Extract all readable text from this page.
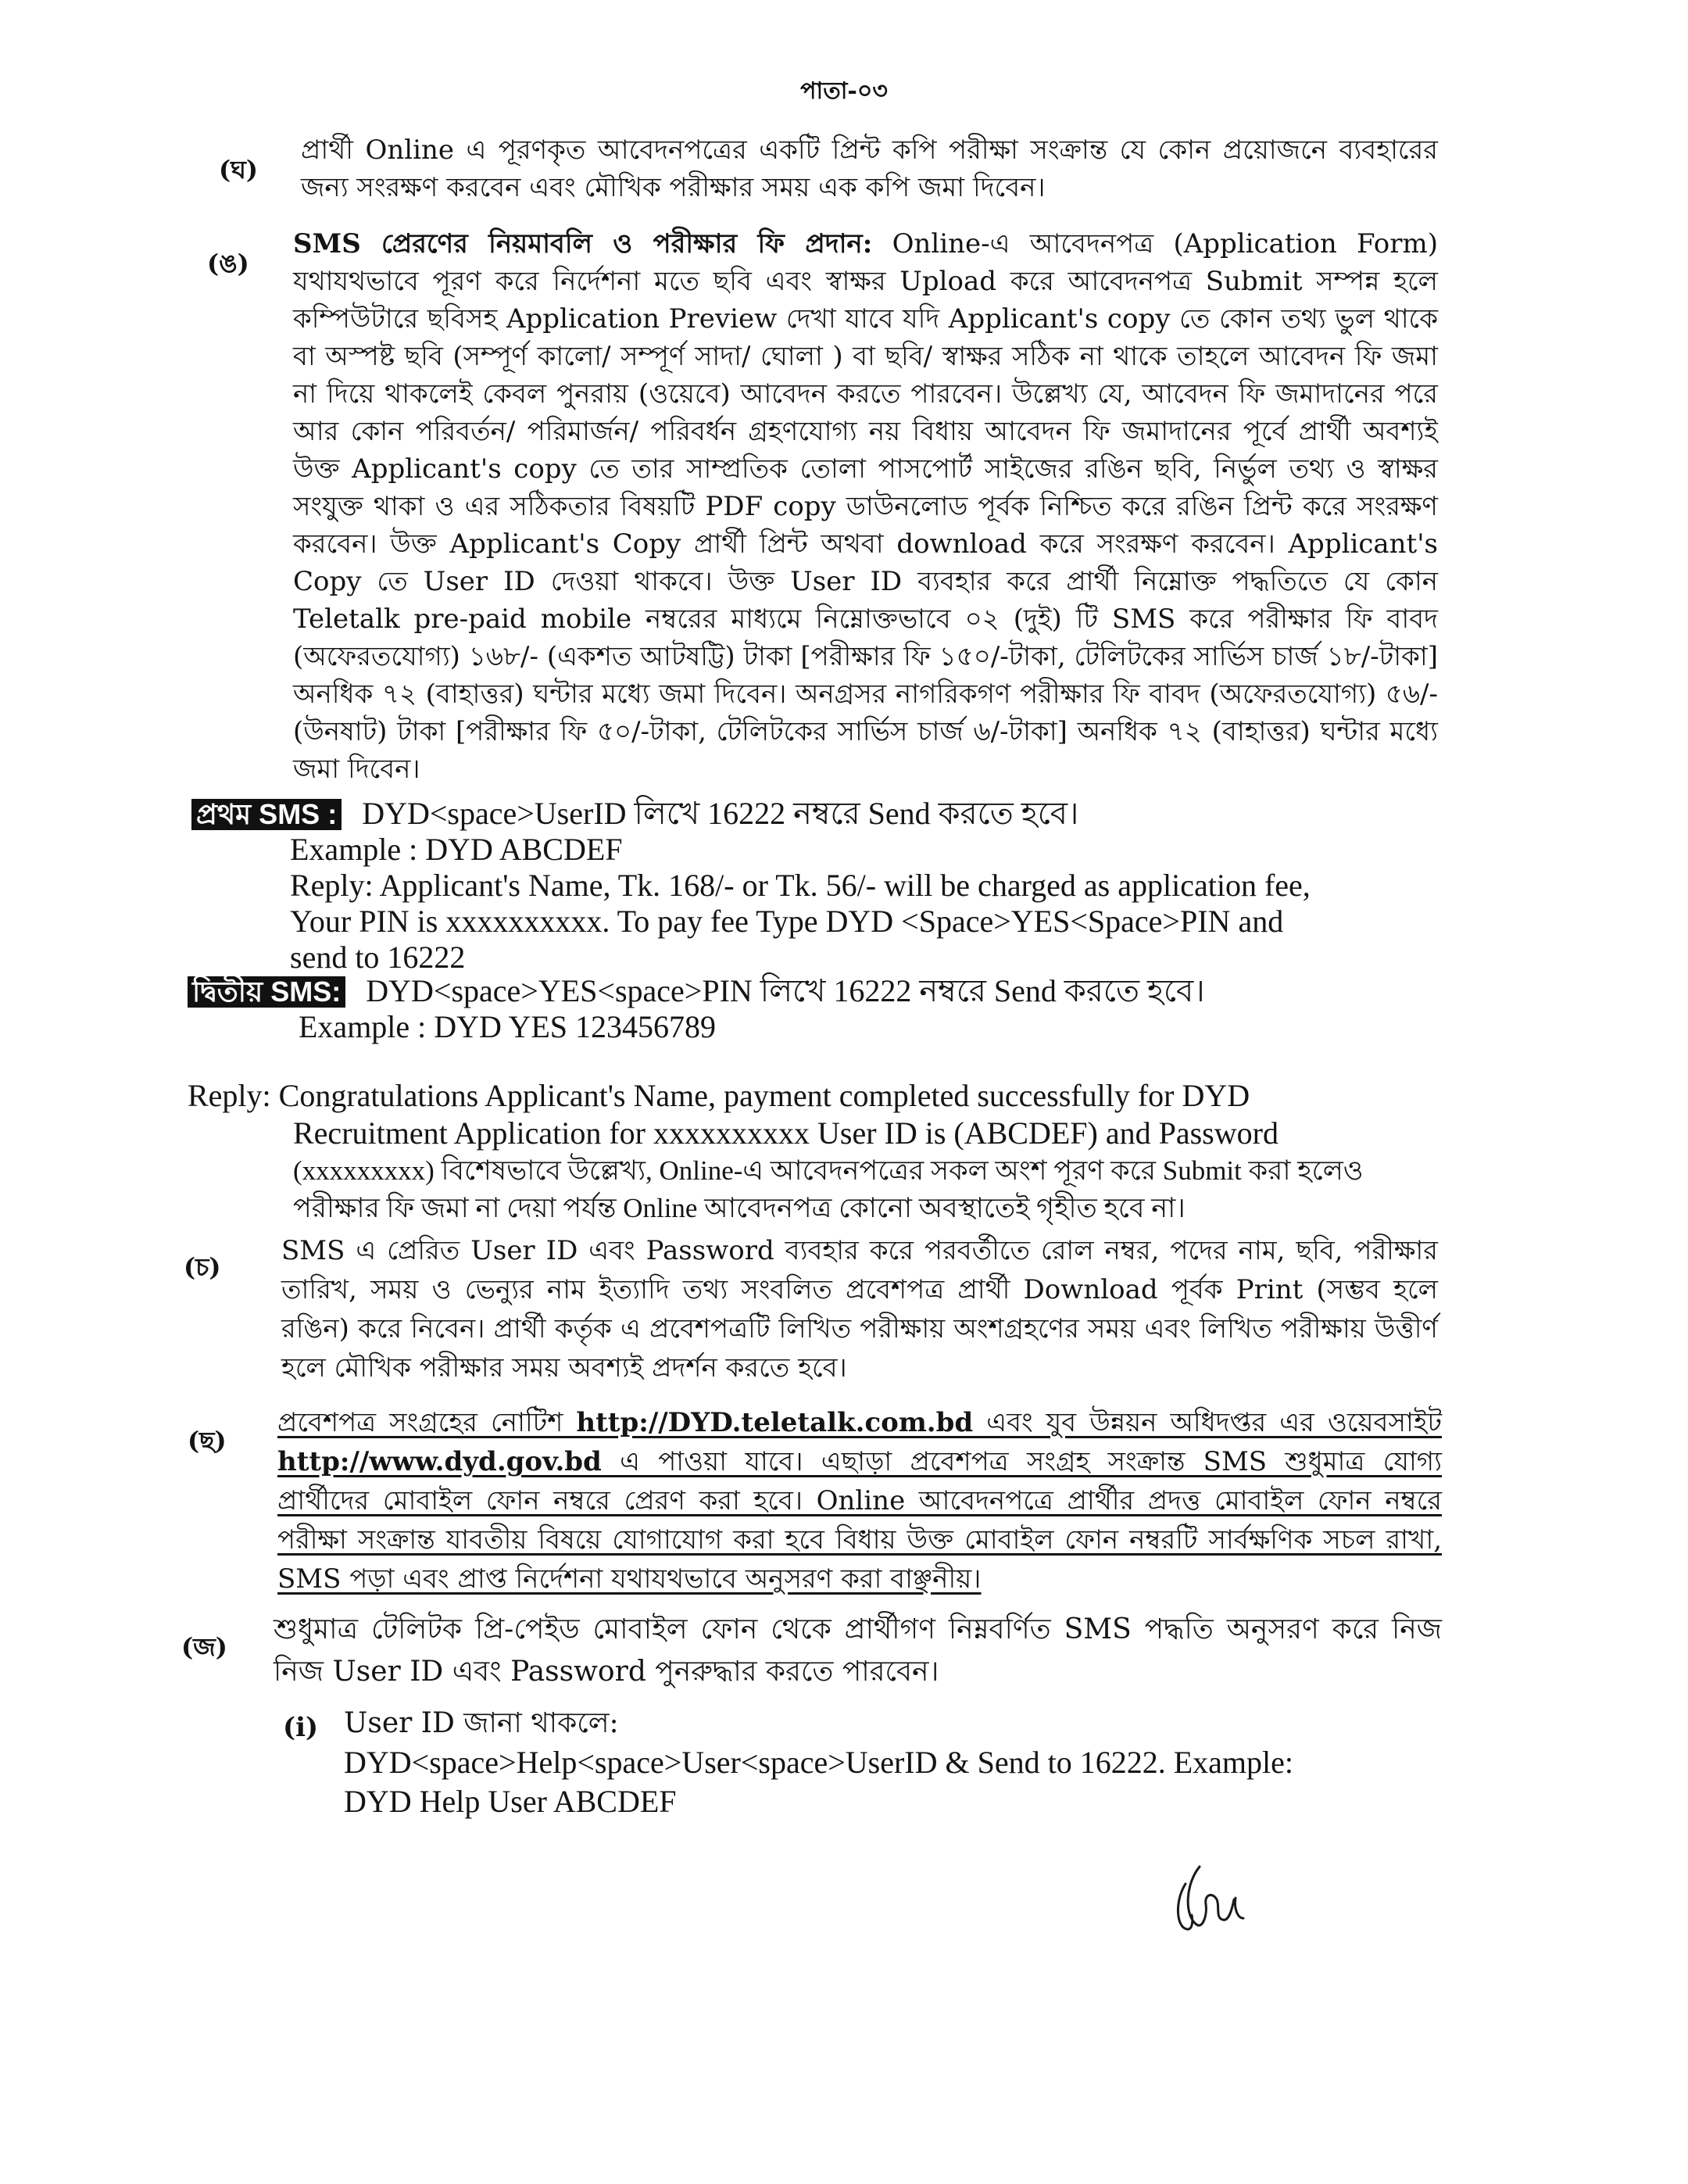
পাতা-০৩
(ঘ)

প্রার্থী Online এ পূরণকৃত আবেদনপত্রের একটি প্রিন্ট কপি পরীক্ষা সংক্রান্ত যে কোন প্রয়োজনে ব্যবহারের জন্য সংরক্ষণ করবেন এবং মৌখিক পরীক্ষার সময় এক কপি জমা দিবেন।

(ঙ)

SMS প্রেরণের নিয়মাবলি ও পরীক্ষার ফি প্রদান: Online-এ আবেদনপত্র (Application Form) যথাযথভাবে পূরণ করে নির্দেশনা মতে ছবি এবং স্বাক্ষর Upload করে আবেদনপত্র Submit সম্পন্ন হলে কম্পিউটারে ছবিসহ Application Preview দেখা যাবে যদি Applicant's copy তে কোন তথ্য ভুল থাকে বা অস্পষ্ট ছবি (সম্পূর্ণ কালো/ সম্পূর্ণ সাদা/ ঘোলা ) বা ছবি/ স্বাক্ষর সঠিক না থাকে তাহলে আবেদন ফি জমা না দিয়ে থাকলেই কেবল পুনরায় (ওয়েবে) আবেদন করতে পারবেন। উল্লেখ্য যে, আবেদন ফি জমাদানের পরে আর কোন পরিবর্তন/ পরিমার্জন/ পরিবর্ধন গ্রহণযোগ্য নয় বিধায় আবেদন ফি জমাদানের পূর্বে প্রার্থী অবশ্যই উক্ত Applicant's copy তে তার সাম্প্রতিক তোলা পাসপোর্ট সাইজের রঙিন ছবি, নির্ভুল তথ্য ও স্বাক্ষর সংযুক্ত থাকা ও এর সঠিকতার বিষয়টি PDF copy ডাউনলোড পূর্বক নিশ্চিত করে রঙিন প্রিন্ট করে সংরক্ষণ করবেন। উক্ত Applicant's Copy প্রার্থী প্রিন্ট অথবা download করে সংরক্ষণ করবেন। Applicant's Copy তে User ID দেওয়া থাকবে। উক্ত User ID ব্যবহার করে প্রার্থী নিম্নোক্ত পদ্ধতিতে যে কোন Teletalk pre-paid mobile নম্বরের মাধ্যমে নিম্নোক্তভাবে ০২ (দুই) টি SMS করে পরীক্ষার ফি বাবদ (অফেরতযোগ্য) ১৬৮/- (একশত আটষট্টি) টাকা [পরীক্ষার ফি ১৫০/-টাকা, টেলিটকের সার্ভিস চার্জ ১৮/-টাকা] অনধিক ৭২ (বাহাত্তর) ঘন্টার মধ্যে জমা দিবেন। অনগ্রসর নাগরিকগণ পরীক্ষার ফি বাবদ (অফেরতযোগ্য) ৫৬/- (উনষাট) টাকা [পরীক্ষার ফি ৫০/-টাকা, টেলিটকের সার্ভিস চার্জ ৬/-টাকা] অনধিক ৭২ (বাহাত্তর) ঘন্টার মধ্যে জমা দিবেন।

প্রথম SMS : DYD<space>UserID লিখে 16222 নম্বরে Send করতে হবে।
Example : DYD ABCDEF
Reply: Applicant's Name, Tk. 168/- or Tk. 56/- will be charged as application fee,
Your PIN is xxxxxxxxxx. To pay fee Type DYD <Space>YES<Space>PIN and
send to 16222
দ্বিতীয় SMS: DYD<space>YES<space>PIN লিখে 16222 নম্বরে Send করতে হবে।
Example : DYD YES 123456789
Reply: Congratulations Applicant's Name, payment completed successfully for DYD
Recruitment Application for xxxxxxxxxx User ID is (ABCDEF) and Password
(xxxxxxxxx) বিশেষভাবে উল্লেখ্য, Online-এ আবেদনপত্রের সকল অংশ পূরণ করে Submit করা হলেও
পরীক্ষার ফি জমা না দেয়া পর্যন্ত Online আবেদনপত্র কোনো অবস্থাতেই গৃহীত হবে না।
(চ)

SMS এ প্রেরিত User ID এবং Password ব্যবহার করে পরবর্তীতে রোল নম্বর, পদের নাম, ছবি, পরীক্ষার তারিখ, সময় ও ভেন্যুর নাম ইত্যাদি তথ্য সংবলিত প্রবেশপত্র প্রার্থী Download পূর্বক Print (সম্ভব হলে রঙিন) করে নিবেন। প্রার্থী কর্তৃক এ প্রবেশপত্রটি লিখিত পরীক্ষায় অংশগ্রহণের সময় এবং লিখিত পরীক্ষায় উত্তীর্ণ হলে মৌখিক পরীক্ষার সময় অবশ্যই প্রদর্শন করতে হবে।

(ছ)

প্রবেশপত্র সংগ্রহের নোটিশ http://DYD.teletalk.com.bd এবং যুব উন্নয়ন অধিদপ্তর এর ওয়েবসাইট http://www.dyd.gov.bd এ পাওয়া যাবে। এছাড়া প্রবেশপত্র সংগ্রহ সংক্রান্ত SMS শুধুমাত্র যোগ্য প্রার্থীদের মোবাইল ফোন নম্বরে প্রেরণ করা হবে। Online আবেদনপত্রে প্রার্থীর প্রদত্ত মোবাইল ফোন নম্বরে পরীক্ষা সংক্রান্ত যাবতীয় বিষয়ে যোগাযোগ করা হবে বিধায় উক্ত মোবাইল ফোন নম্বরটি সার্বক্ষণিক সচল রাখা, SMS পড়া এবং প্রাপ্ত নির্দেশনা যথাযথভাবে অনুসরণ করা বাঞ্ছনীয়।

(জ)

শুধুমাত্র টেলিটক প্রি-পেইড মোবাইল ফোন থেকে প্রার্থীগণ নিম্নবর্ণিত SMS পদ্ধতি অনুসরণ করে নিজ নিজ User ID এবং Password পুনরুদ্ধার করতে পারবেন।

(i) User ID জানা থাকলে:
DYD<space>Help<space>User<space>UserID & Send to 16222. Example:
DYD Help User ABCDEF
